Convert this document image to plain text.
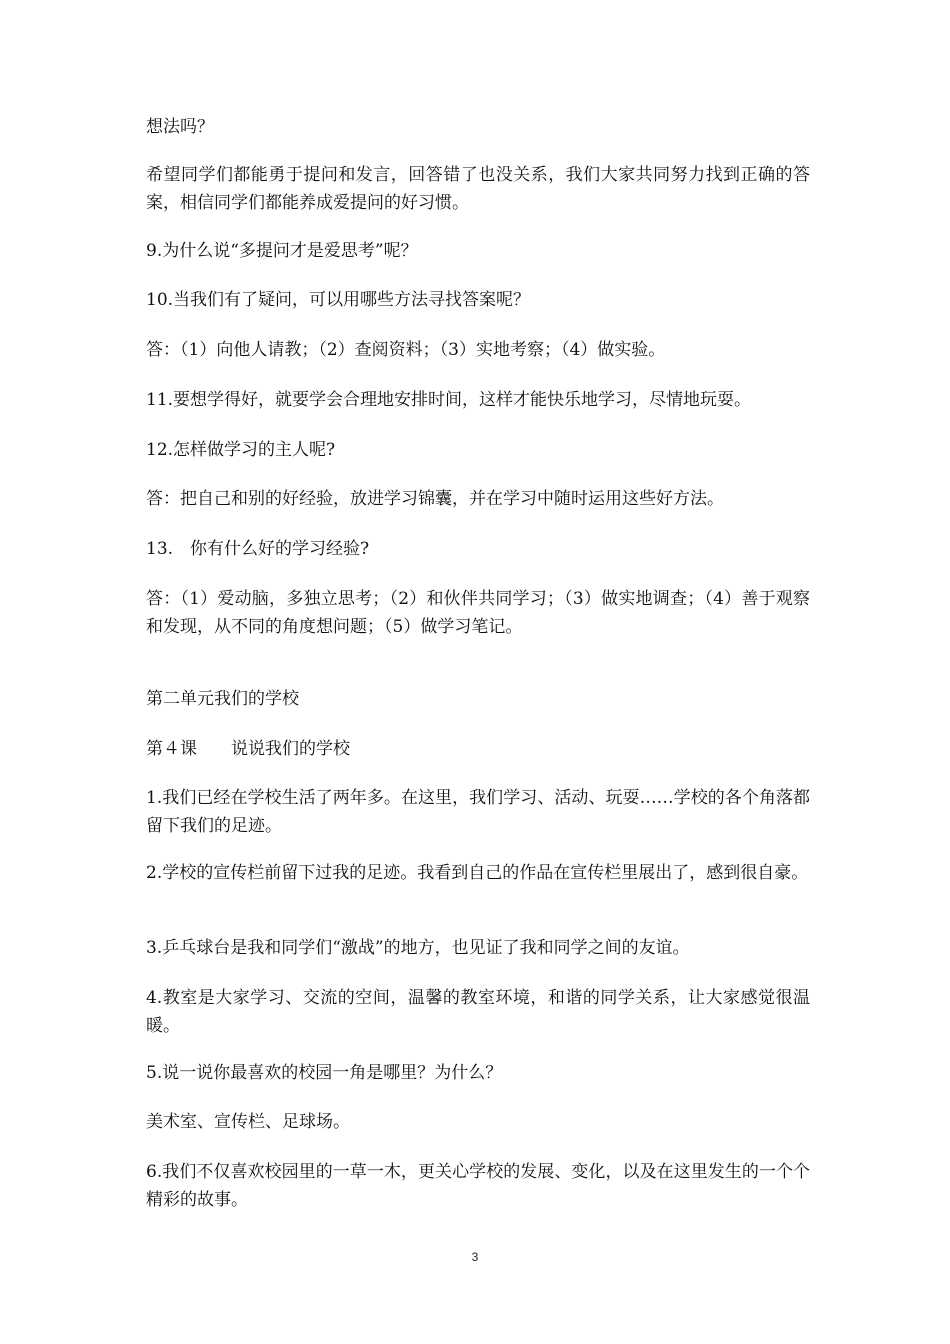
想法吗？

希望同学们都能勇于提问和发言，回答错了也没关系，我们大家共同努力找到正确的答案，相信同学们都能养成爱提问的好习惯。

9.为什么说“多提问才是爱思考”呢？

10.当我们有了疑问，可以用哪些方法寻找答案呢？

答：（1）向他人请教；（2）查阅资料；（3）实地考察；（4）做实验。

11.要想学得好，就要学会合理地安排时间，这样才能快乐地学习，尽情地玩耍。

12.怎样做学习的主人呢?

答：把自己和别的好经验，放进学习锦囊，并在学习中随时运用这些好方法。

13.　你有什么好的学习经验?

答：（1）爱动脑，多独立思考；（2）和伙伴共同学习；（3）做实地调查；（4）善于观察和发现，从不同的角度想问题；（5）做学习笔记。

第二单元我们的学校

第４课　　说说我们的学校

1.我们已经在学校生活了两年多。在这里，我们学习、活动、玩耍……学校的各个角落都留下我们的足迹。

2.学校的宣传栏前留下过我的足迹。我看到自己的作品在宣传栏里展出了，感到很自豪。

3.乒乓球台是我和同学们“激战”的地方，也见证了我和同学之间的友谊。

4.教室是大家学习、交流的空间，温馨的教室环境，和谐的同学关系，让大家感觉很温暖。

5.说一说你最喜欢的校园一角是哪里？为什么？

美术室、宣传栏、足球场。

6.我们不仅喜欢校园里的一草一木，更关心学校的发展、变化，以及在这里发生的一个个精彩的故事。

3
